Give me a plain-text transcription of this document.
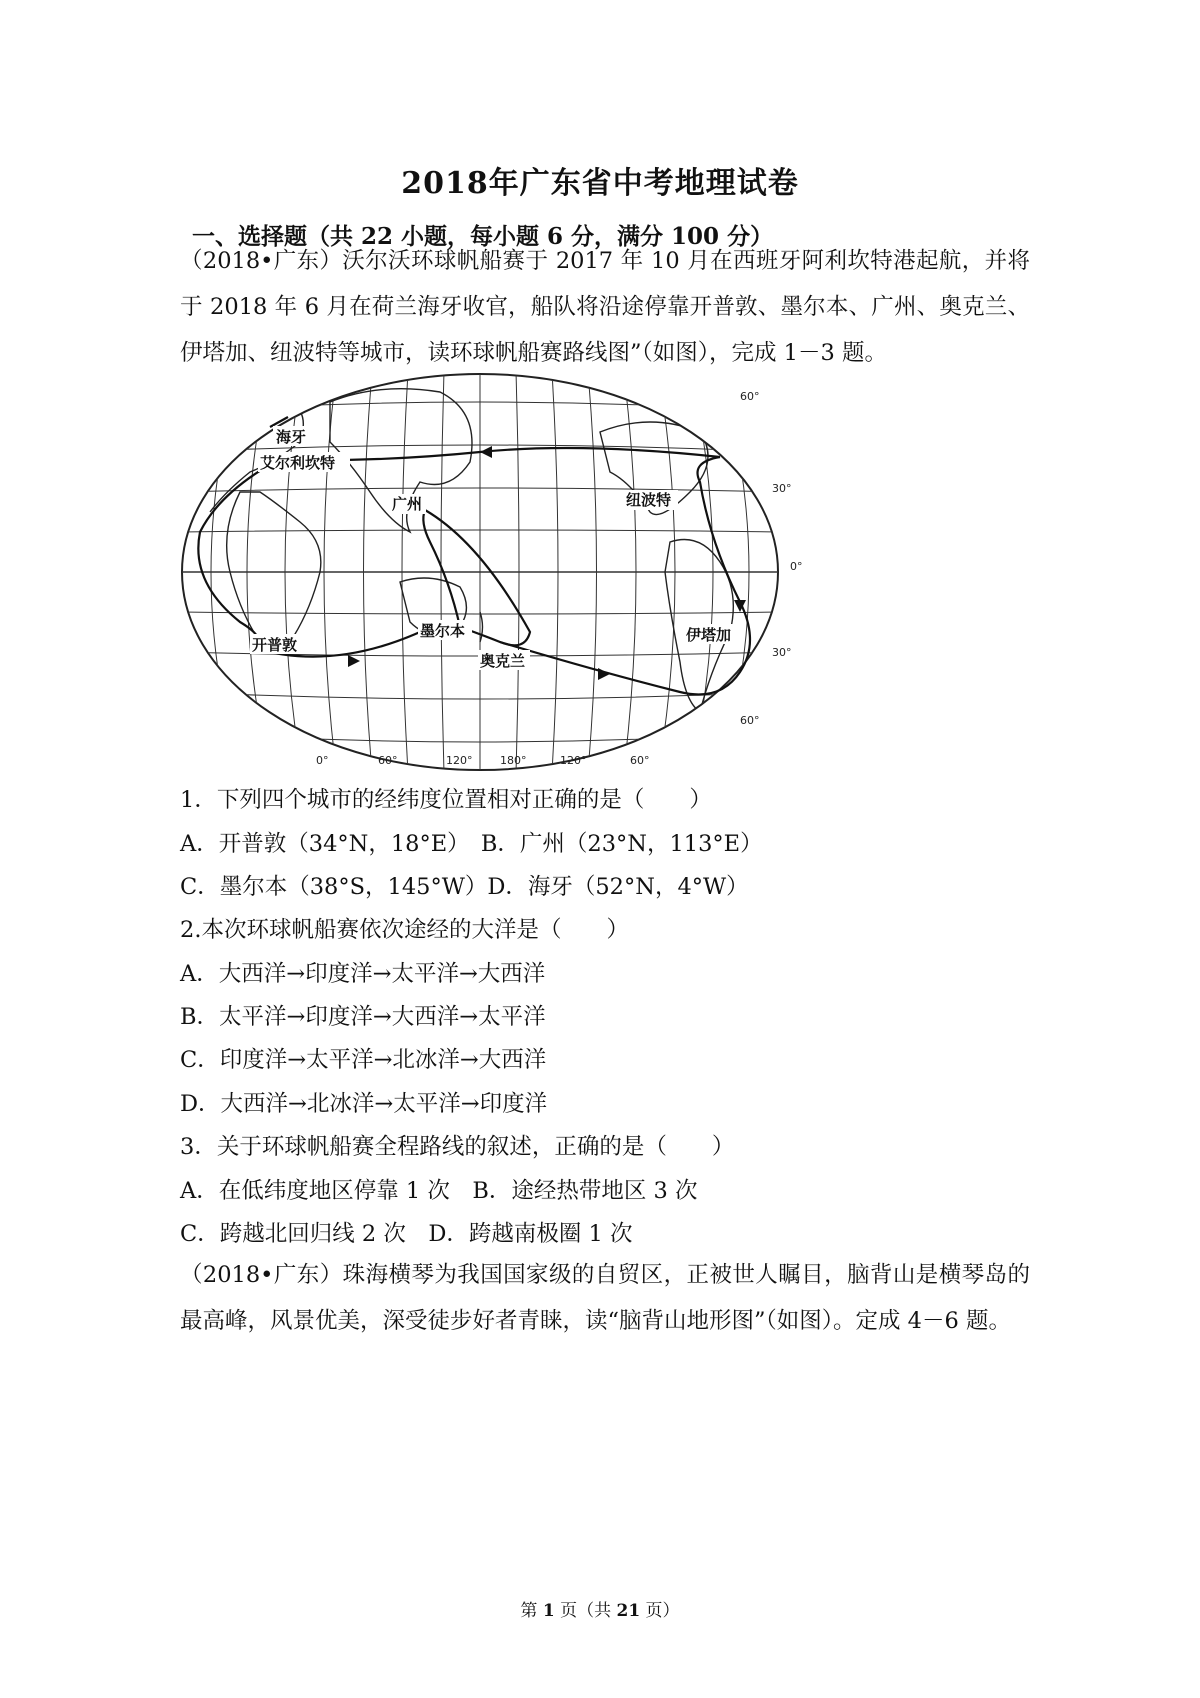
2018年广东省中考地理试卷
一、选择题（共 22 小题，每小题 6 分，满分 100 分）
（2018•广东）沃尔沃环球帆船赛于 2017 年 10 月在西班牙阿利坎特港起航，并将于 2018 年 6 月在荷兰海牙收官，船队将沿途停靠开普敦、墨尔本、广州、奥克兰、伊塔加、纽波特等城市，读环球帆船赛路线图”（如图），完成 1－3 题。
海牙
艾尔利坎特
广州	纽波特
墨尔本
奥克兰
伊塔加
开普敦
60°
30°
0°
30°
60°
0°	60°	120°	180°	120°	60°
1．下列四个城市的经纬度位置相对正确的是（　　）
A．开普敦（34°N，18°E）　B．广州（23°N，113°E）
C．墨尔本（38°S，145°W）D．海牙（52°N，4°W）
2.本次环球帆船赛依次途经的大洋是（　　）
A．大西洋→印度洋→太平洋→大西洋
B．太平洋→印度洋→大西洋→太平洋
C．印度洋→太平洋→北冰洋→大西洋
D．大西洋→北冰洋→太平洋→印度洋
3．关于环球帆船赛全程路线的叙述，正确的是（　　）
A．在低纬度地区停靠 1 次　B．途经热带地区 3 次
C．跨越北回归线 2 次　D．跨越南极圈 1 次
（2018•广东）珠海横琴为我国国家级的自贸区，正被世人瞩目，脑背山是横琴岛的最高峰，风景优美，深受徒步好者青睐，读“脑背山地形图”（如图）。定成 4－6 题。
第 1 页（共 21 页）
